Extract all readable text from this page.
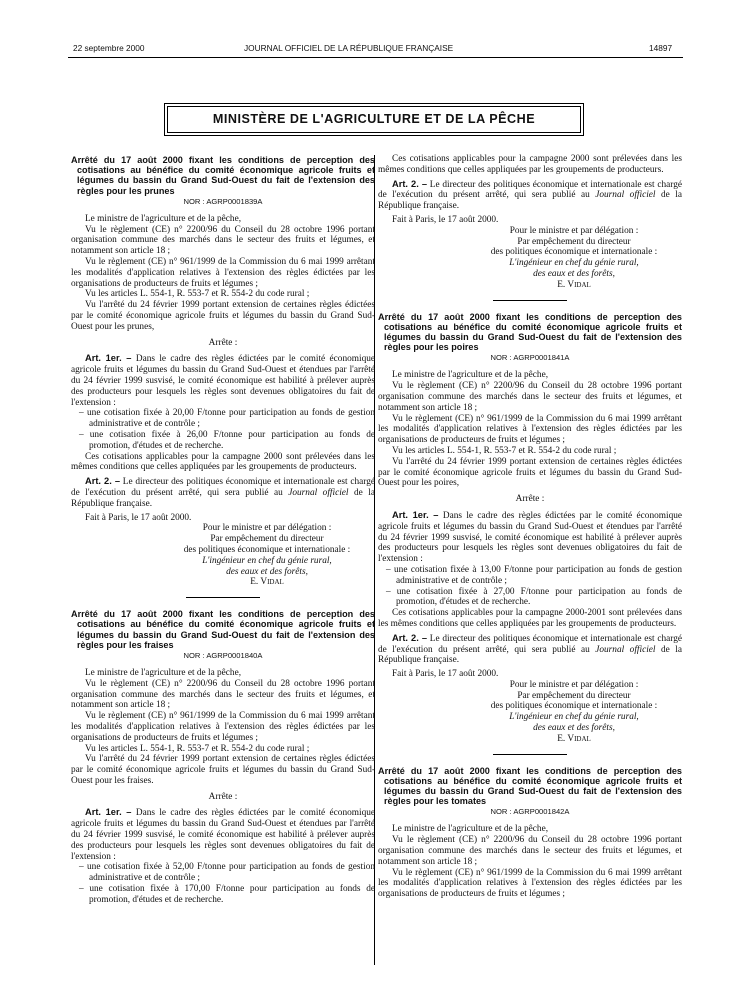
22 septembre 2000	JOURNAL OFFICIEL DE LA RÉPUBLIQUE FRANÇAISE	14897
MINISTÈRE DE L'AGRICULTURE ET DE LA PÊCHE
Arrêté du 17 août 2000 fixant les conditions de perception des cotisations au bénéfice du comité économique agricole fruits et légumes du bassin du Grand Sud-Ouest du fait de l'extension des règles pour les prunes
NOR : AGRP0001839A

Le ministre de l'agriculture et de la pêche,

Vu le règlement (CE) n° 2200/96 du Conseil du 28 octobre 1996 portant organisation commune des marchés dans le secteur des fruits et légumes, et notamment son article 18 ;

Vu le règlement (CE) n° 961/1999 de la Commission du 6 mai 1999 arrêtant les modalités d'application relatives à l'extension des règles édictées par les organisations de producteurs de fruits et légumes ;

Vu les articles L. 554-1, R. 553-7 et R. 554-2 du code rural ;

Vu l'arrêté du 24 février 1999 portant extension de certaines règles édictées par le comité économique agricole fruits et légumes du bassin du Grand Sud-Ouest pour les prunes,

Arrête :

Art. 1er. – Dans le cadre des règles édictées par le comité économique agricole fruits et légumes du bassin du Grand Sud-Ouest et étendues par l'arrêté du 24 février 1999 susvisé, le comité économique est habilité à prélever auprès des producteurs pour lesquels les règles sont devenues obligatoires du fait de l'extension :

– une cotisation fixée à 20,00 F/tonne pour participation au fonds de gestion administrative et de contrôle ;
– une cotisation fixée à 26,00 F/tonne pour participation au fonds de promotion, d'études et de recherche.

Ces cotisations applicables pour la campagne 2000 sont prélevées dans les mêmes conditions que celles appliquées par les groupements de producteurs.

Art. 2. – Le directeur des politiques économique et internationale est chargé de l'exécution du présent arrêté, qui sera publié au Journal officiel de la République française.

Fait à Paris, le 17 août 2000.

Pour le ministre et par délégation :
Par empêchement du directeur
des politiques économique et internationale :
L'ingénieur en chef du génie rural,
des eaux et des forêts,
E. Vidal
Arrêté du 17 août 2000 fixant les conditions de perception des cotisations au bénéfice du comité économique agricole fruits et légumes du bassin du Grand Sud-Ouest du fait de l'extension des règles pour les fraises
NOR : AGRP0001840A

Le ministre de l'agriculture et de la pêche,

Vu le règlement (CE) n° 2200/96 du Conseil du 28 octobre 1996 portant organisation commune des marchés dans le secteur des fruits et légumes, et notamment son article 18 ;

Vu le règlement (CE) n° 961/1999 de la Commission du 6 mai 1999 arrêtant les modalités d'application relatives à l'extension des règles édictées par les organisations de producteurs de fruits et légumes ;

Vu les articles L. 554-1, R. 553-7 et R. 554-2 du code rural ;

Vu l'arrêté du 24 février 1999 portant extension de certaines règles édictées par le comité économique agricole fruits et légumes du bassin du Grand Sud-Ouest pour les fraises.

Arrête :

Art. 1er. – Dans le cadre des règles édictées par le comité économique agricole fruits et légumes du bassin du Grand Sud-Ouest et étendues par l'arrêté du 24 février 1999 susvisé, le comité économique est habilité à prélever auprès des producteurs pour lesquels les règles sont devenues obligatoires du fait de l'extension :

– une cotisation fixée à 52,00 F/tonne pour participation au fonds de gestion administrative et de contrôle ;
– une cotisation fixée à 170,00 F/tonne pour participation au fonds de promotion, d'études et de recherche.

Ces cotisations applicables pour la campagne 2000 sont prélevées dans les mêmes conditions que celles appliquées par les groupements de producteurs.

Art. 2. – Le directeur des politiques économique et internationale est chargé de l'exécution du présent arrêté, qui sera publié au Journal officiel de la République française.

Fait à Paris, le 17 août 2000.

Pour le ministre et par délégation :
Par empêchement du directeur
des politiques économique et internationale :
L'ingénieur en chef du génie rural,
des eaux et des forêts,
E. Vidal
Arrêté du 17 août 2000 fixant les conditions de perception des cotisations au bénéfice du comité économique agricole fruits et légumes du bassin du Grand Sud-Ouest du fait de l'extension des règles pour les poires
NOR : AGRP0001841A

Le ministre de l'agriculture et de la pêche,

Vu le règlement (CE) n° 2200/96 du Conseil du 28 octobre 1996 portant organisation commune des marchés dans le secteur des fruits et légumes, et notamment son article 18 ;

Vu le règlement (CE) n° 961/1999 de la Commission du 6 mai 1999 arrêtant les modalités d'application relatives à l'extension des règles édictées par les organisations de producteurs de fruits et légumes ;

Vu les articles L. 554-1, R. 553-7 et R. 554-2 du code rural ;

Vu l'arrêté du 24 février 1999 portant extension de certaines règles édictées par le comité économique agricole fruits et légumes du bassin du Grand Sud-Ouest pour les poires,

Arrête :

Art. 1er. – Dans le cadre des règles édictées par le comité économique agricole fruits et légumes du bassin du Grand Sud-Ouest et étendues par l'arrêté du 24 février 1999 susvisé, le comité économique est habilité à prélever auprès des producteurs pour lesquels les règles sont devenues obligatoires du fait de l'extension :

– une cotisation fixée à 13,00 F/tonne pour participation au fonds de gestion administrative et de contrôle ;
– une cotisation fixée à 27,00 F/tonne pour participation au fonds de promotion, d'études et de recherche.

Ces cotisations applicables pour la campagne 2000-2001 sont prélevées dans les mêmes conditions que celles appliquées par les groupements de producteurs.

Art. 2. – Le directeur des politiques économique et internationale est chargé de l'exécution du présent arrêté, qui sera publié au Journal officiel de la République française.

Fait à Paris, le 17 août 2000.

Pour le ministre et par délégation :
Par empêchement du directeur
des politiques économique et internationale :
L'ingénieur en chef du génie rural,
des eaux et des forêts,
E. Vidal
Arrêté du 17 août 2000 fixant les conditions de perception des cotisations au bénéfice du comité économique agricole fruits et légumes du bassin du Grand Sud-Ouest du fait de l'extension des règles pour les tomates
NOR : AGRP0001842A

Le ministre de l'agriculture et de la pêche,

Vu le règlement (CE) n° 2200/96 du Conseil du 28 octobre 1996 portant organisation commune des marchés dans le secteur des fruits et légumes, et notamment son article 18 ;

Vu le règlement (CE) n° 961/1999 de la Commission du 6 mai 1999 arrêtant les modalités d'application relatives à l'extension des règles édictées par les organisations de producteurs de fruits et légumes ;
